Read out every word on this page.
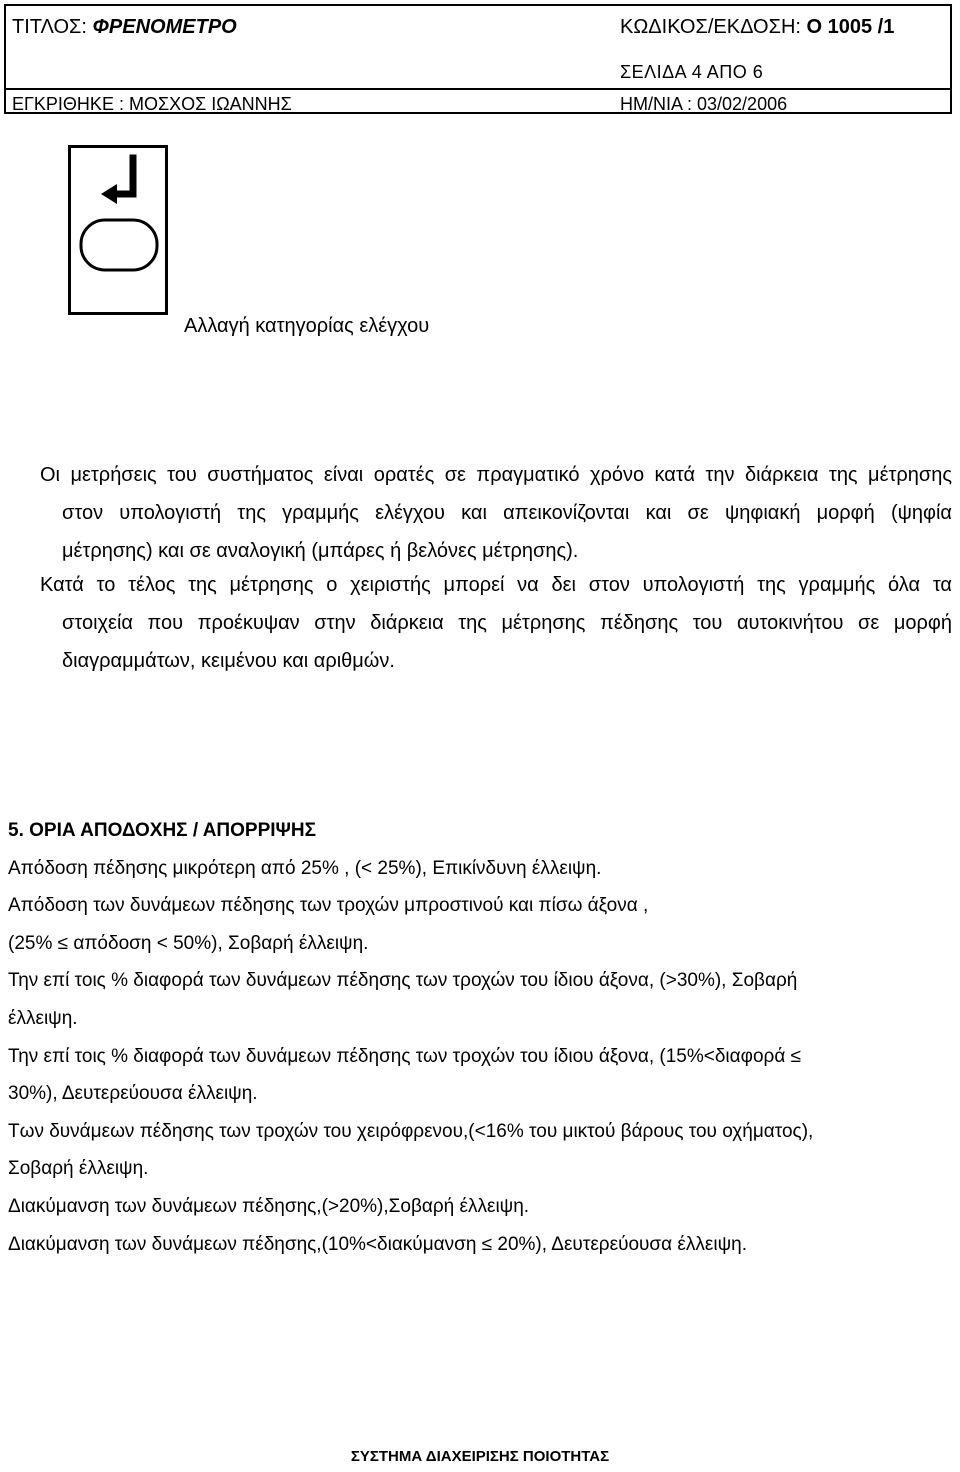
ΤΙΤΛΟΣ: ΦΡΕΝΟΜΕΤΡΟ	ΚΩΔΙΚΟΣ/ΕΚΔΟΣΗ: Ο 1005 /1
ΣΕΛΙΔΑ 4 ΑΠΟ 6
ΕΓΚΡΙΘΗΚΕ : ΜΟΣΧΟΣ ΙΩΑΝΝΗΣ	ΗΜ/ΝΙΑ : 03/02/2006
Αλλαγή κατηγορίας ελέγχου
Οι μετρήσεις του συστήματος είναι ορατές σε πραγματικό χρόνο κατά την διάρκεια της μέτρησης
στον υπολογιστή της γραμμής ελέγχου και απεικονίζονται και σε ψηφιακή μορφή (ψηφία
μέτρησης) και σε αναλογική (μπάρες ή βελόνες μέτρησης).
Κατά το τέλος της μέτρησης ο χειριστής μπορεί να δει στον υπολογιστή της γραμμής όλα τα
στοιχεία που προέκυψαν στην διάρκεια της μέτρησης πέδησης του αυτοκινήτου σε μορφή
διαγραμμάτων, κειμένου και αριθμών.
5. ΟΡΙΑ ΑΠΟΔΟΧΗΣ / ΑΠΟΡΡΙΨΗΣ
Απόδοση πέδησης μικρότερη από 25% , (< 25%), Επικίνδυνη έλλειψη.
Απόδοση των δυνάμεων πέδησης των τροχών μπροστινού και πίσω άξονα ,
(25% ≤ απόδοση < 50%), Σοβαρή έλλειψη.
Την επί τοις % διαφορά των δυνάμεων πέδησης των τροχών του ίδιου άξονα, (>30%), Σοβαρή
έλλειψη.
Την επί τοις % διαφορά των δυνάμεων πέδησης των τροχών του ίδιου άξονα, (15%<διαφορά ≤
30%), Δευτερεύουσα έλλειψη.
Των δυνάμεων πέδησης των τροχών του χειρόφρενου,(<16% του μικτού βάρους του οχήματος),
Σοβαρή έλλειψη.
Διακύμανση των δυνάμεων πέδησης,(>20%),Σοβαρή έλλειψη.
Διακύμανση των δυνάμεων πέδησης,(10%<διακύμανση ≤ 20%), Δευτερεύουσα έλλειψη.
ΣΥΣΤΗΜΑ ΔΙΑΧΕΙΡΙΣΗΣ ΠΟΙΟΤΗΤΑΣ
